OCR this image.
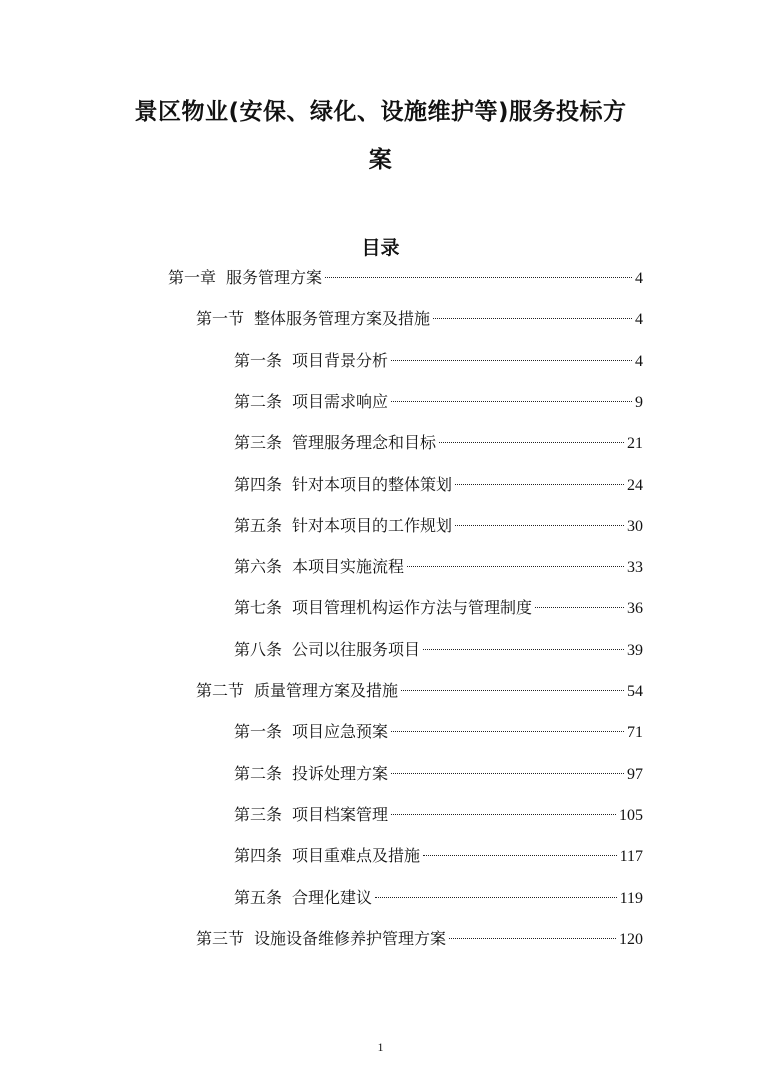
景区物业(安保、绿化、设施维护等)服务投标方
案
目录
第一章 服务管理方案	4
第一节 整体服务管理方案及措施	4
第一条 项目背景分析	4
第二条 项目需求响应	9
第三条 管理服务理念和目标	21
第四条 针对本项目的整体策划	24
第五条 针对本项目的工作规划	30
第六条 本项目实施流程	33
第七条 项目管理机构运作方法与管理制度	36
第八条 公司以往服务项目	39
第二节 质量管理方案及措施	54
第一条 项目应急预案	71
第二条 投诉处理方案	97
第三条 项目档案管理	105
第四条 项目重难点及措施	117
第五条 合理化建议	119
第三节 设施设备维修养护管理方案	120
1
